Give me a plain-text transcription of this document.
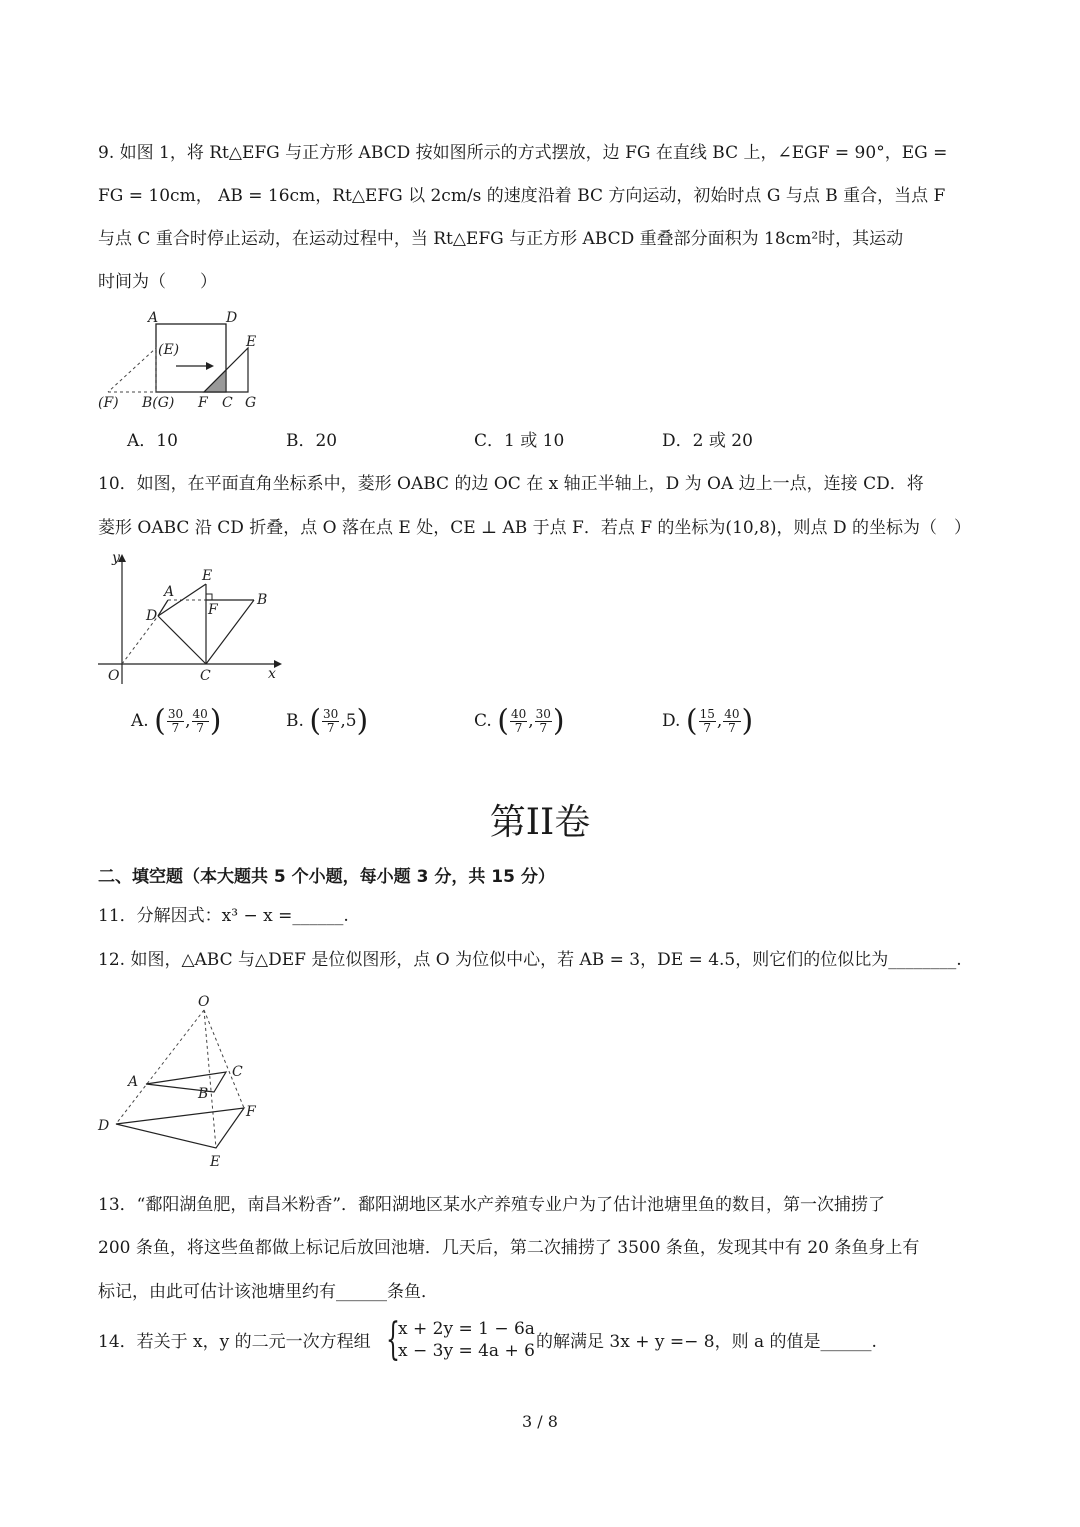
9. 如图 1，将 Rt△EFG 与正方形 ABCD 按如图所示的方式摆放，边 FG 在直线 BC 上，∠EGF = 90°，EG =
FG = 10cm， AB = 16cm，Rt△EFG 以 2cm/s 的速度沿着 BC 方向运动，初始时点 G 与点 B 重合，当点 F
与点 C 重合时停止运动，在运动过程中，当 Rt△EFG 与正方形 ABCD 重叠部分面积为 18cm²时，其运动
时间为（　　）
A	D
(E)	E
(F) B(G) F C G
A．10	B．20	C．1 或 10	D．2 或 20
10．如图，在平面直角坐标系中，菱形 OABC 的边 OC 在 x 轴正半轴上，D 为 OA 边上一点，连接 CD．将
菱形 OABC 沿 CD 折叠，点 O 落在点 E 处，CE ⊥ AB 于点 F．若点 F 的坐标为(10,8)，则点 D 的坐标为（　）
y
E
A	B
D	F
O	C	x
A. ( $\frac{30}{7}$ , $\frac{40}{7}$ )	B. ( $\frac{30}{7} ,5$)	C. ( $\frac{40}{7}$ , $\frac{30}{7}$ )	D. ( $\frac{15}{7}$ , $\frac{40}{7}$ )
第II卷
二、填空题（本大题共 5 个小题，每小题 3 分，共 15 分）
11．分解因式：x³ − x =______.
12. 如图，△ABC 与△DEF 是位似图形，点 O 为位似中心，若 AB = 3，DE = 4.5，则它们的位似比为________.
O
A
C
B
F
D
E
13．“鄱阳湖鱼肥，南昌米粉香”．鄱阳湖地区某水产养殖专业户为了估计池塘里鱼的数目，第一次捕捞了
200 条鱼，将这些鱼都做上标记后放回池塘．几天后，第二次捕捞了 3500 条鱼，发现其中有 20 条鱼身上有
标记，由此可估计该池塘里约有______条鱼．
14．若关于 x，y 的二元一次方程组 {
x + 2y = 1 − 6a
x − 3y = 4a + 6 的解满足 3x + y =− 8，则 a 的值是______.
3 / 8
